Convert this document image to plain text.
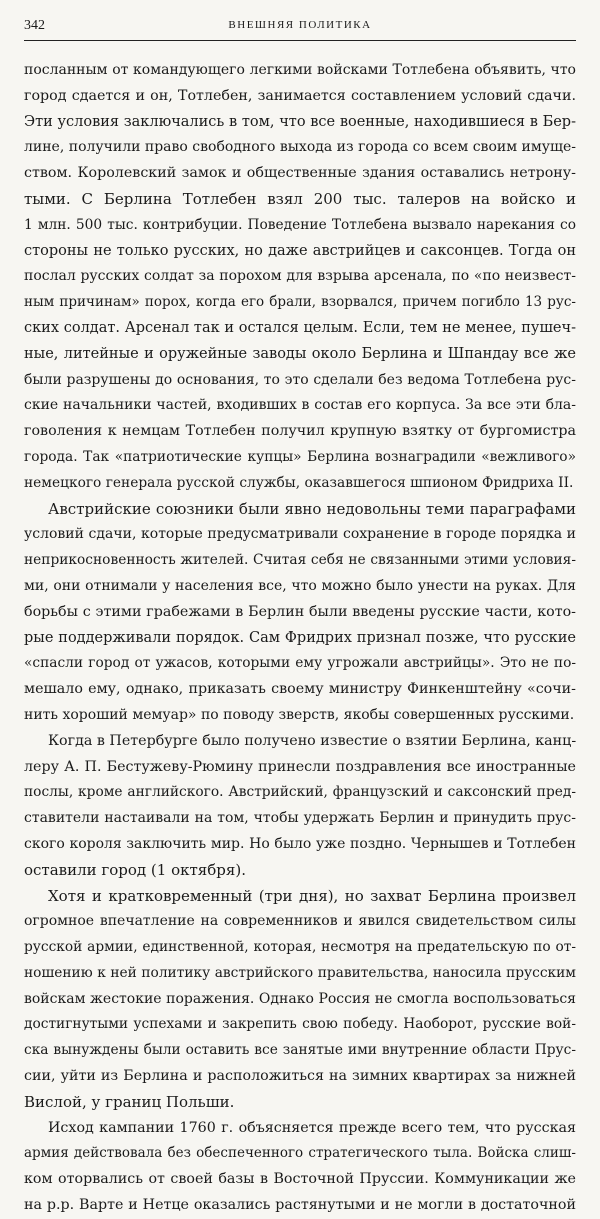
342	ВНЕШНЯЯ ПОЛИТИКА
посланным от командующего легкими войсками Тотлебена объявить, что
город сдается и он, Тотлебен, занимается составлением условий сдачи.
Эти условия заключались в том, что все военные, находившиеся в Бер-
лине, получили право свободного выхода из города со всем своим имуще-
ством. Королевский замок и общественные здания оставались нетрону-
тыми. С Берлина Тотлебен взял 200 тыс. талеров на войско и
1 млн. 500 тыс. контрибуции. Поведение Тотлебена вызвало нарекания со
стороны не только русских, но даже австрийцев и саксонцев. Тогда он
послал русских солдат за порохом для взрыва арсенала, по «по неизвест-
ным причинам» порох, когда его брали, взорвался, причем погибло 13 рус-
ских солдат. Арсенал так и остался целым. Если, тем не менее, пушеч-
ные, литейные и оружейные заводы около Берлина и Шпандау все же
были разрушены до основания, то это сделали без ведома Тотлебена рус-
ские начальники частей, входивших в состав его корпуса. За все эти бла-
говоления к немцам Тотлебен получил крупную взятку от бургомистра
города. Так «патриотические купцы» Берлина вознаградили «вежливого»
немецкого генерала русской службы, оказавшегося шпионом Фридриха II.
Австрийские союзники были явно недовольны теми параграфами
условий сдачи, которые предусматривали сохранение в городе порядка и
неприкосновенность жителей. Считая себя не связанными этими условия-
ми, они отнимали у населения все, что можно было унести на руках. Для
борьбы с этими грабежами в Берлин были введены русские части, кото-
рые поддерживали порядок. Сам Фридрих признал позже, что русские
«спасли город от ужасов, которыми ему угрожали австрийцы». Это не по-
мешало ему, однако, приказать своему министру Финкенштейну «сочи-
нить хороший мемуар» по поводу зверств, якобы совершенных русскими.
Когда в Петербурге было получено известие о взятии Берлина, канц-
леру А. П. Бестужеву-Рюмину принесли поздравления все иностранные
послы, кроме английского. Австрийский, французский и саксонский пред-
ставители настаивали на том, чтобы удержать Берлин и принудить прус-
ского короля заключить мир. Но было уже поздно. Чернышев и Тотлебен
оставили город (1 октября).
Хотя и кратковременный (три дня), но захват Берлина произвел
огромное впечатление на современников и явился свидетельством силы
русской армии, единственной, которая, несмотря на предательскую по от-
ношению к ней политику австрийского правительства, наносила прусским
войскам жестокие поражения. Однако Россия не смогла воспользоваться
достигнутыми успехами и закрепить свою победу. Наоборот, русские вой-
ска вынуждены были оставить все занятые ими внутренние области Прус-
сии, уйти из Берлина и расположиться на зимних квартирах за нижней
Вислой, у границ Польши.
Исход кампании 1760 г. объясняется прежде всего тем, что русская
армия действовала без обеспеченного стратегического тыла. Войска слиш-
ком оторвались от своей базы в Восточной Пруссии. Коммуникации же
на р.р. Варте и Нетце оказались растянутыми и не могли в достаточной
